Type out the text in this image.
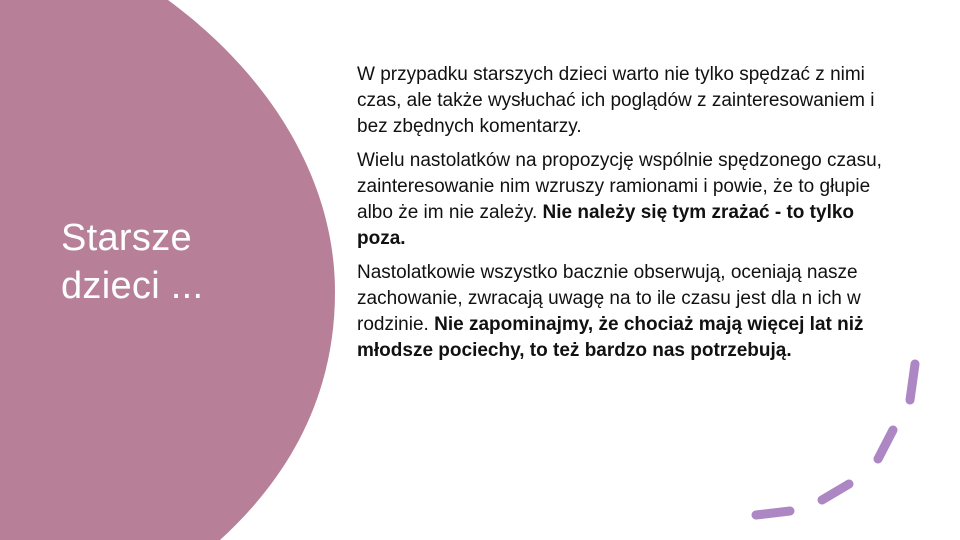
Starsze dzieci ...

W przypadku starszych dzieci warto nie tylko spędzać z nimi czas, ale także wysłuchać ich poglądów z zainteresowaniem i bez zbędnych komentarzy.

Wielu nastolatków na propozycję wspólnie spędzonego czasu, zainteresowanie nim wzruszy ramionami i powie, że to głupie albo że im nie zależy. Nie należy się tym zrażać - to tylko poza.

Nastolatkowie wszystko bacznie obserwują, oceniają nasze zachowanie, zwracają uwagę na to ile czasu jest dla n ich w rodzinie. Nie zapominajmy, że chociaż mają więcej lat niż młodsze pociechy, to też bardzo nas potrzebują.
